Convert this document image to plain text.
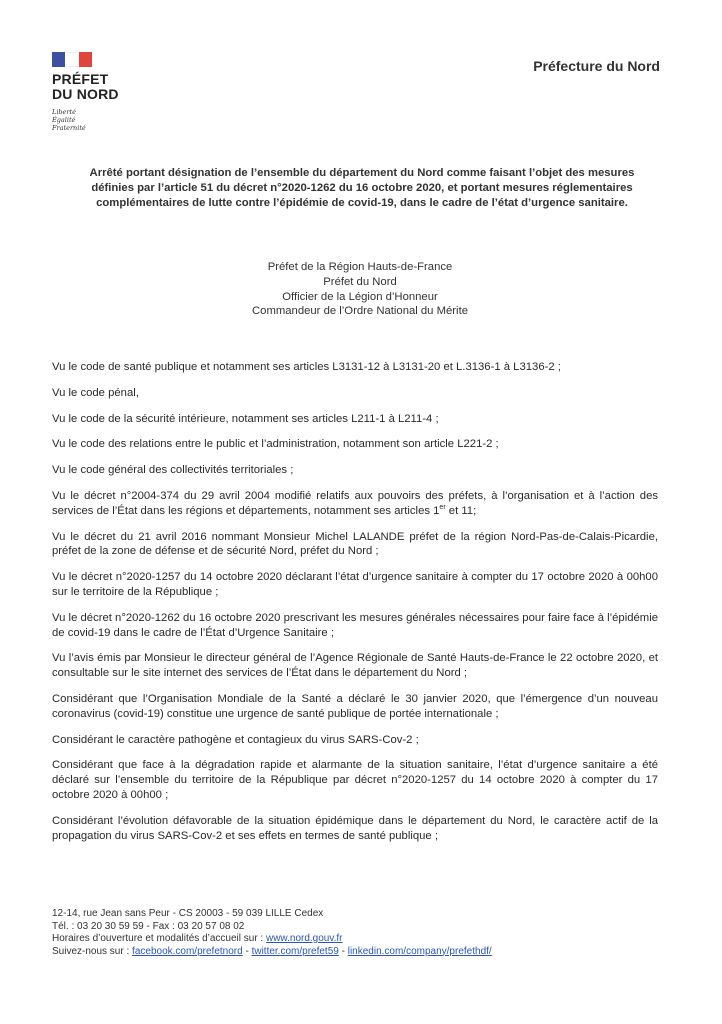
PRÉFET
DU NORD
Liberté
Égalité
Fraternité
Préfecture du Nord
Arrêté portant désignation de l’ensemble du département du Nord comme faisant l’objet des mesures
définies par l’article 51 du décret n°2020-1262 du 16 octobre 2020, et portant mesures réglementaires
complémentaires de lutte contre l’épidémie de covid-19, dans le cadre de l’état d’urgence sanitaire.
Préfet de la Région Hauts-de-France
Préfet du Nord
Officier de la Légion d’Honneur
Commandeur de l’Ordre National du Mérite

Vu le code de santé publique et notamment ses articles L3131-12 à L3131-20 et L.3136-1 à L3136-2 ;

Vu le code pénal,

Vu le code de la sécurité intérieure, notamment ses articles L211-1 à L211-4 ;

Vu le code des relations entre le public et l’administration, notamment son article L221-2 ;

Vu le code général des collectivités territoriales ;

Vu le décret n°2004-374 du 29 avril 2004 modifié relatifs aux pouvoirs des préfets, à l’organisation et à l’action des services de l’État dans les régions et départements, notamment ses articles 1er et 11;

Vu le décret du 21 avril 2016 nommant Monsieur Michel LALANDE préfet de la région Nord-Pas-de-Calais-Picardie, préfet de la zone de défense et de sécurité Nord, préfet du Nord ;

Vu le décret n°2020-1257 du 14 octobre 2020 déclarant l’état d’urgence sanitaire à compter du 17 octobre 2020 à 00h00 sur le territoire de la République ;

Vu le décret n°2020-1262 du 16 octobre 2020 prescrivant les mesures générales nécessaires pour faire face à l’épidémie de covid-19 dans le cadre de l’État d’Urgence Sanitaire ;

Vu l’avis émis par Monsieur le directeur général de l’Agence Régionale de Santé Hauts-de-France le 22 octobre 2020, et consultable sur le site internet des services de l’État dans le département du Nord ;

Considérant que l’Organisation Mondiale de la Santé a déclaré le 30 janvier 2020, que l’émergence d’un nouveau coronavirus (covid-19) constitue une urgence de santé publique de portée internationale ;

Considérant le caractère pathogène et contagieux du virus SARS-Cov-2 ;

Considérant que face à la dégradation rapide et alarmante de la situation sanitaire, l’état d’urgence sanitaire a été déclaré sur l’ensemble du territoire de la République par décret n°2020-1257 du 14 octobre 2020 à compter du 17 octobre 2020 à 00h00 ;

Considérant l’évolution défavorable de la situation épidémique dans le département du Nord, le caractère actif de la propagation du virus SARS-Cov-2 et ses effets en termes de santé publique ;

12-14, rue Jean sans Peur - CS 20003 - 59 039 LILLE Cedex
Tél. : 03 20 30 59 59 - Fax : 03 20 57 08 02
Horaires d’ouverture et modalités d’accueil sur : www.nord.gouv.fr
Suivez-nous sur : facebook.com/prefetnord - twitter.com/prefet59 - linkedin.com/company/prefethdf/
